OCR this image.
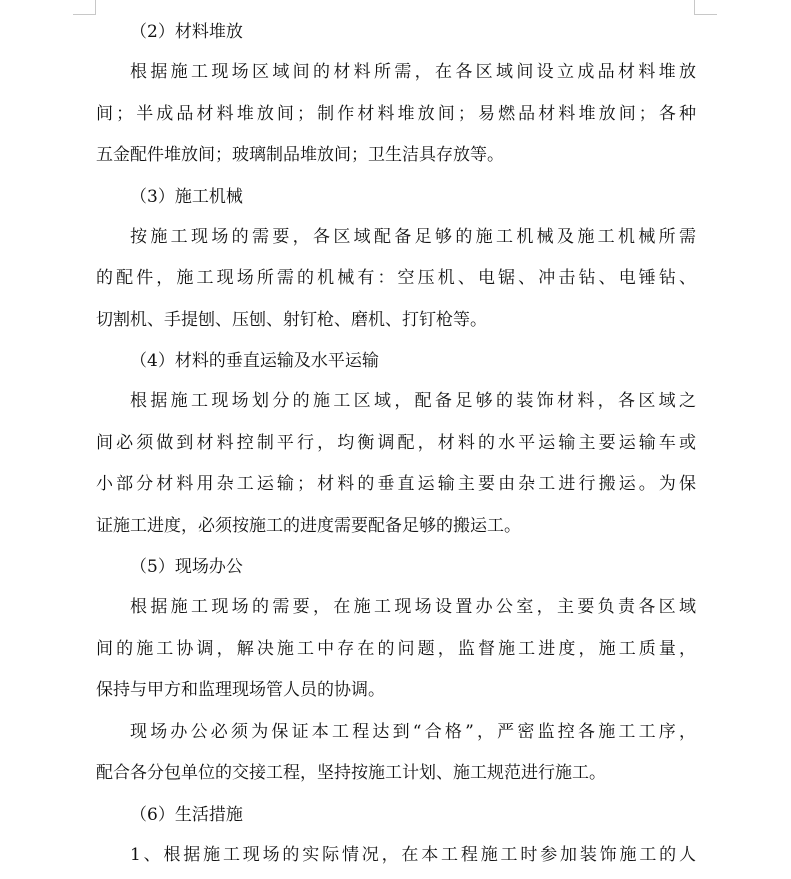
（2）材料堆放

根据施工现场区域间的材料所需，在各区域间设立成品材料堆放
间；半成品材料堆放间；制作材料堆放间；易燃品材料堆放间；各种
五金配件堆放间；玻璃制品堆放间；卫生洁具存放等。

（3）施工机械

按施工现场的需要，各区域配备足够的施工机械及施工机械所需
的配件，施工现场所需的机械有：空压机、电锯、冲击钻、电锤钻、
切割机、手提刨、压刨、射钉枪、磨机、打钉枪等。

（4）材料的垂直运输及水平运输

根据施工现场划分的施工区域，配备足够的装饰材料，各区域之
间必须做到材料控制平行，均衡调配，材料的水平运输主要运输车或
小部分材料用杂工运输；材料的垂直运输主要由杂工进行搬运。为保
证施工进度，必须按施工的进度需要配备足够的搬运工。

（5）现场办公

根据施工现场的需要，在施工现场设置办公室，主要负责各区域
间的施工协调，解决施工中存在的问题，监督施工进度，施工质量，
保持与甲方和监理现场管人员的协调。

现场办公必须为保证本工程达到“合格”，严密监控各施工工序，
配合各分包单位的交接工程，坚持按施工计划、施工规范进行施工。

（6）生活措施

1、根据施工现场的实际情况，在本工程施工时参加装饰施工的人
